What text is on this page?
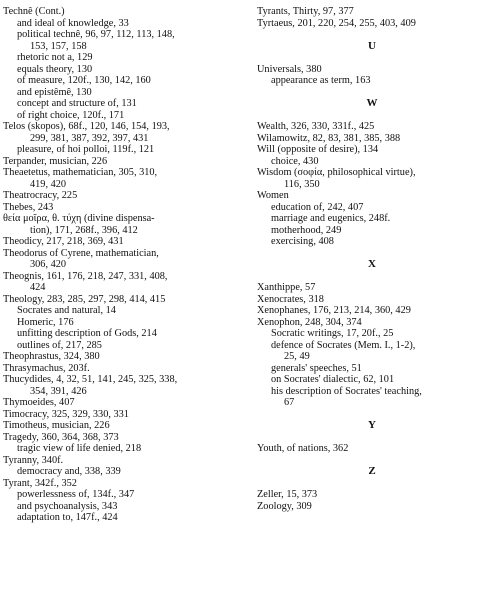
Technê (Cont.)
and ideal of knowledge, 33
political technê, 96, 97, 112, 113, 148,
153, 157, 158
rhetoric not a, 129
equals theory, 130
of measure, 120f., 130, 142, 160
and epistêmê, 130
concept and structure of, 131
of right choice, 120f., 171
Telos (skopos), 68f., 120, 146, 154, 193,
299, 381, 387, 392, 397, 431
pleasure, of hoi polloi, 119f., 121
Terpander, musician, 226
Theaetetus, mathematician, 305, 310,
419, 420
Theatrocracy, 225
Thebes, 243
θεία μοῖρα, θ. τύχη (divine dispensa-
tion), 171, 268f., 396, 412
Theodicy, 217, 218, 369, 431
Theodorus of Cyrene, mathematician,
306, 420
Theognis, 161, 176, 218, 247, 331, 408,
424
Theology, 283, 285, 297, 298, 414, 415
Socrates and natural, 14
Homeric, 176
unfitting description of Gods, 214
outlines of, 217, 285
Theophrastus, 324, 380
Thrasymachus, 203f.
Thucydides, 4, 32, 51, 141, 245, 325, 338,
354, 391, 426
Thymoeides, 407
Timocracy, 325, 329, 330, 331
Timotheus, musician, 226
Tragedy, 360, 364, 368, 373
tragic view of life denied, 218
Tyranny, 340f.
democracy and, 338, 339
Tyrant, 342f., 352
powerlessness of, 134f., 347
and psychoanalysis, 343
adaptation to, 147f., 424
Tyrants, Thirty, 97, 377
Tyrtaeus, 201, 220, 254, 255, 403, 409
U
Universals, 380
appearance as term, 163
W
Wealth, 326, 330, 331f., 425
Wilamowitz, 82, 83, 381, 385, 388
Will (opposite of desire), 134
choice, 430
Wisdom (σοφία, philosophical virtue),
116, 350
Women
education of, 242, 407
marriage and eugenics, 248f.
motherhood, 249
exercising, 408
X
Xanthippe, 57
Xenocrates, 318
Xenophanes, 176, 213, 214, 360, 429
Xenophon, 248, 304, 374
Socratic writings, 17, 20f., 25
defence of Socrates (Mem. I., 1-2),
25, 49
generals' speeches, 51
on Socrates' dialectic, 62, 101
his description of Socrates' teaching,
67
Y
Youth, of nations, 362
Z
Zeller, 15, 373
Zoology, 309
